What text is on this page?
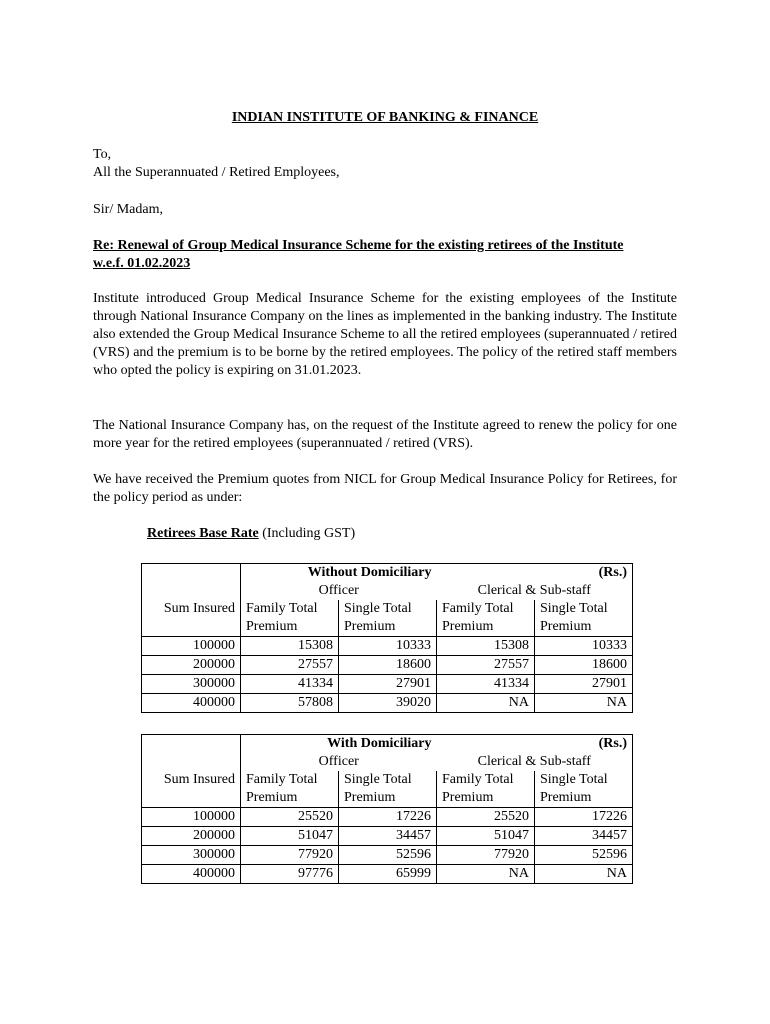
INDIAN INSTITUTE OF BANKING & FINANCE
To,
All the Superannuated / Retired Employees,
Sir/ Madam,
Re: Renewal of Group Medical Insurance Scheme for the existing retirees of the Institute
w.e.f. 01.02.2023
Institute introduced Group Medical Insurance Scheme for the existing employees of the Institute through National Insurance Company on the lines as implemented in the banking industry. The Institute also extended the Group Medical Insurance Scheme to all the retired employees (superannuated / retired (VRS) and the premium is to be borne by the retired employees. The policy of the retired staff members who opted the policy is expiring on 31.01.2023.
The National Insurance Company has, on the request of the Institute agreed to renew the policy for one more year for the retired employees (superannuated / retired (VRS).
We have received the Premium quotes from NICL for Group Medical Insurance Policy for Retirees, for the policy period as under:
Retirees Base Rate (Including GST)
	Without Domiciliary		(Rs.)	
	Officer		Clerical & Sub-staff	
Sum Insured	Family Total	Single Total	Family Total	Single Total
	Premium	Premium	Premium	Premium
100000	15308	10333	15308	10333
200000	27557	18600	27557	18600
300000	41334	27901	41334	27901
400000	57808	39020	NA	NA
	With Domiciliary		(Rs.)	
	Officer		Clerical & Sub-staff	
Sum Insured	Family Total	Single Total	Family Total	Single Total
	Premium	Premium	Premium	Premium
100000	25520	17226	25520	17226
200000	51047	34457	51047	34457
300000	77920	52596	77920	52596
400000	97776	65999	NA	NA
